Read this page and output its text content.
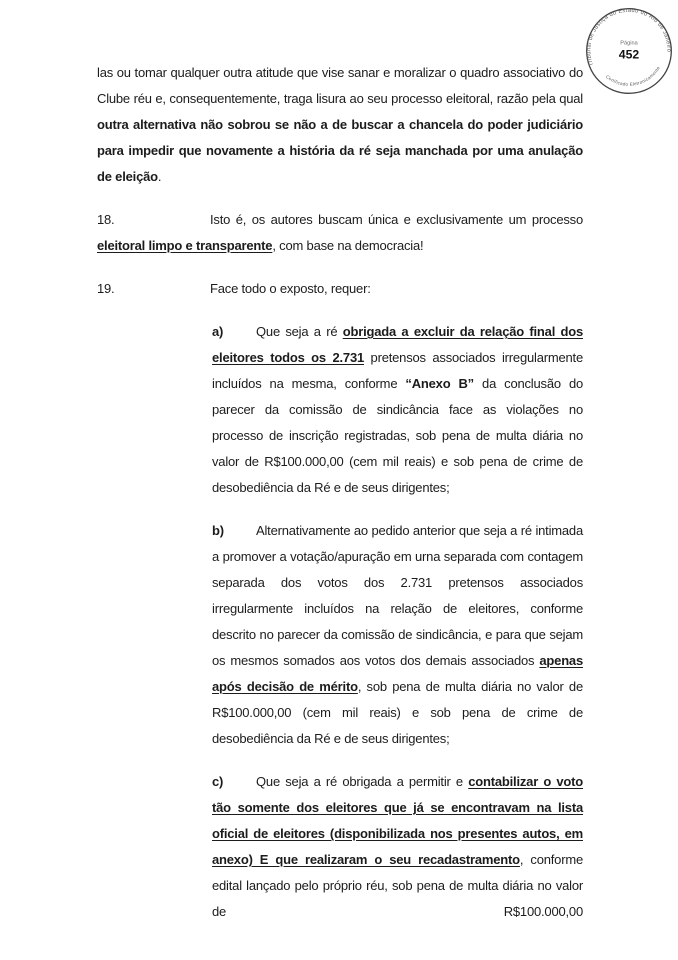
Tribunal de Justiça do Estado do Rio de Janeiro
Certificado Eletronicamente
Página
452

las ou tomar qualquer outra atitude que vise sanar e moralizar o quadro associativo do Clube réu e, consequentemente, traga lisura ao seu processo eleitoral, razão pela qual outra alternativa não sobrou se não a de buscar a chancela do poder judiciário para impedir que novamente a história da ré seja manchada por uma anulação de eleição.

18.	Isto é, os autores buscam única e exclusivamente um processo eleitoral limpo e transparente, com base na democracia!
19.	Face todo o exposto, requer:
a)	Que seja a ré obrigada a excluir da relação final dos eleitores todos os 2.731 pretensos associados irregularmente incluídos na mesma, conforme “Anexo B” da conclusão do parecer da comissão de sindicância face as violações no processo de inscrição registradas, sob pena de multa diária no valor de R$100.000,00 (cem mil reais) e sob pena de crime de desobediência da Ré e de seus dirigentes;
b) Alternativamente ao pedido anterior que seja a ré intimada a promover a votação/apuração em urna separada com contagem separada dos votos dos 2.731 pretensos associados irregularmente incluídos na relação de eleitores, conforme descrito no parecer da comissão de sindicância, e para que sejam os mesmos somados aos votos dos demais associados apenas após decisão de mérito, sob pena de multa diária no valor de R$100.000,00 (cem mil reais) e sob pena de crime de desobediência da Ré e de seus dirigentes;
c)	Que seja a ré obrigada a permitir e contabilizar o voto tão somente dos eleitores que já se encontravam na lista oficial de eleitores (disponibilizada nos presentes autos, em anexo) E que realizaram o seu recadastramento, conforme edital lançado pelo próprio réu, sob pena de multa diária no valor de R$100.000,00
